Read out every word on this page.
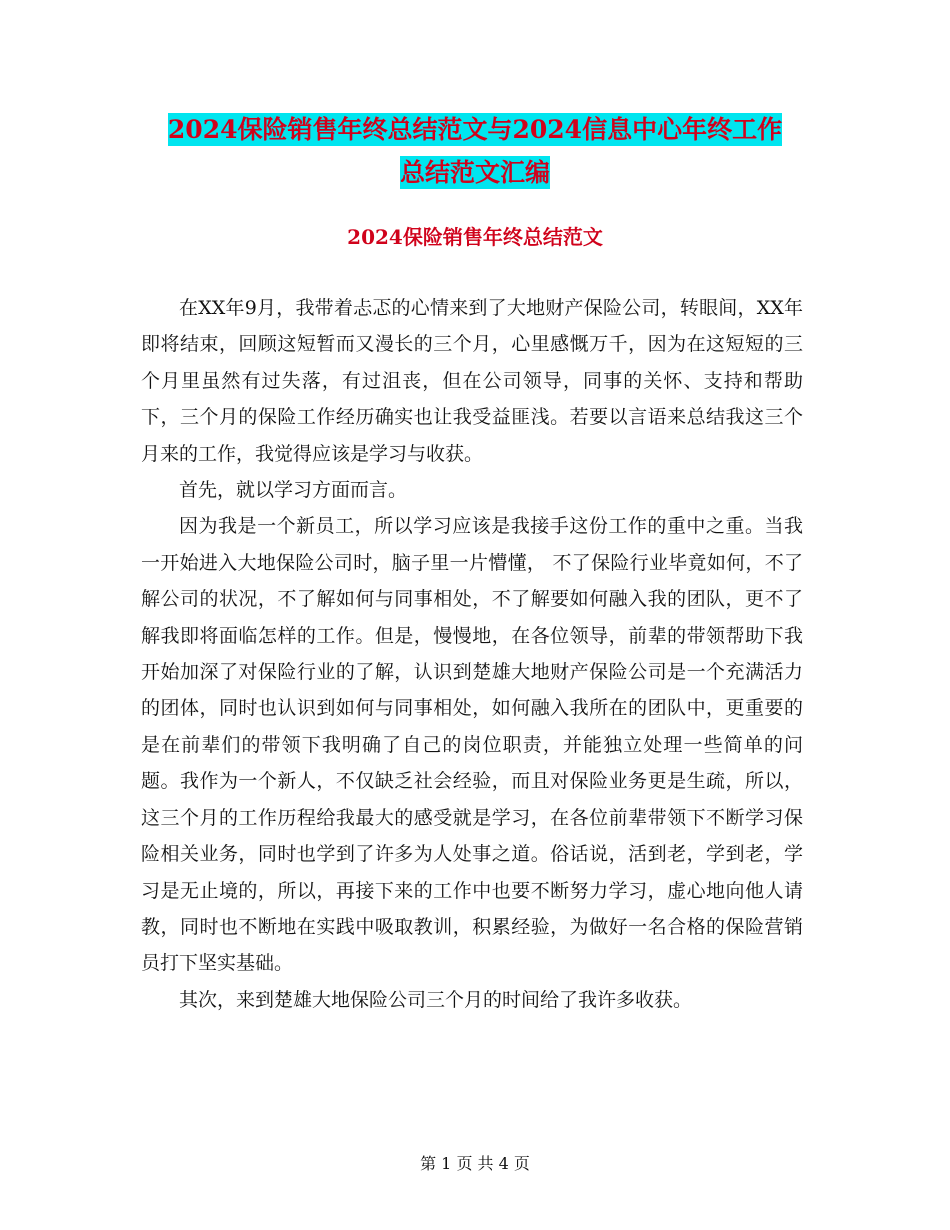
2024保险销售年终总结范文与2024信息中心年终工作
总结范文汇编
2024保险销售年终总结范文

在XX年9月，我带着忐忑的心情来到了大地财产保险公司，转眼间，XX年即将结束，回顾这短暂而又漫长的三个月，心里感慨万千，因为在这短短的三个月里虽然有过失落，有过沮丧，但在公司领导，同事的关怀、支持和帮助下，三个月的保险工作经历确实也让我受益匪浅。若要以言语来总结我这三个月来的工作，我觉得应该是学习与收获。

首先，就以学习方面而言。

因为我是一个新员工，所以学习应该是我接手这份工作的重中之重。当我一开始进入大地保险公司时，脑子里一片懵懂， 不了保险行业毕竟如何，不了解公司的状况，不了解如何与同事相处，不了解要如何融入我的团队，更不了解我即将面临怎样的工作。但是，慢慢地，在各位领导，前辈的带领帮助下我开始加深了对保险行业的了解，认识到楚雄大地财产保险公司是一个充满活力的团体，同时也认识到如何与同事相处，如何融入我所在的团队中，更重要的是在前辈们的带领下我明确了自己的岗位职责，并能独立处理一些简单的问题。我作为一个新人，不仅缺乏社会经验，而且对保险业务更是生疏，所以，这三个月的工作历程给我最大的感受就是学习，在各位前辈带领下不断学习保险相关业务，同时也学到了许多为人处事之道。俗话说，活到老，学到老，学习是无止境的，所以，再接下来的工作中也要不断努力学习，虚心地向他人请教，同时也不断地在实践中吸取教训，积累经验，为做好一名合格的保险营销员打下坚实基础。

其次，来到楚雄大地保险公司三个月的时间给了我许多收获。

第 1 页 共 4 页
